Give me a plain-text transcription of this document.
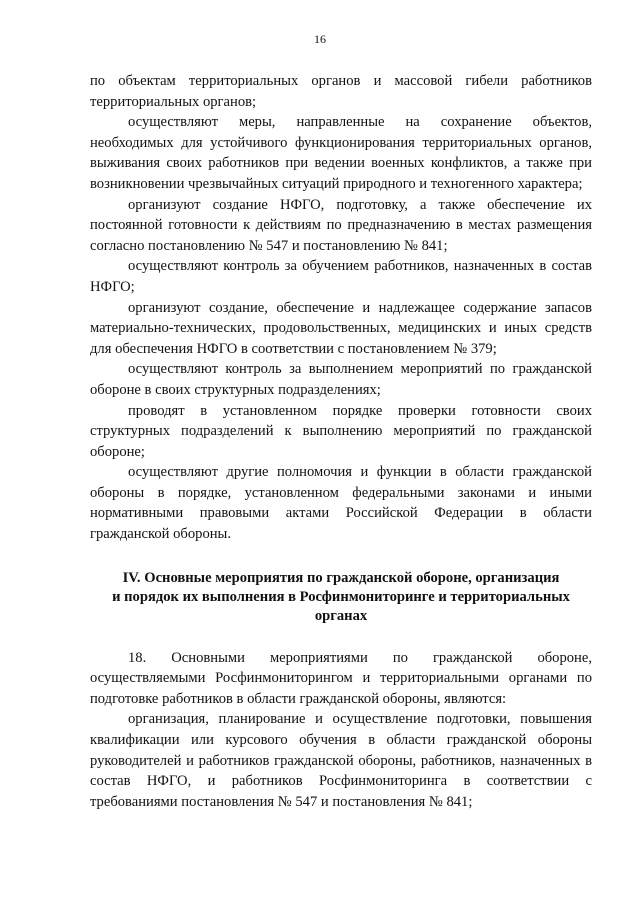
16

по объектам территориальных органов и массовой гибели работников территориальных органов;

осуществляют меры, направленные на сохранение объектов, необходимых для устойчивого функционирования территориальных органов, выживания своих работников при ведении военных конфликтов, а также при возникновении чрезвычайных ситуаций природного и техногенного характера;

организуют создание НФГО, подготовку, а также обеспечение их постоянной готовности к действиям по предназначению в местах размещения согласно постановлению № 547 и постановлению № 841;

осуществляют контроль за обучением работников, назначенных в состав НФГО;

организуют создание, обеспечение и надлежащее содержание запасов материально-технических, продовольственных, медицинских и иных средств для обеспечения НФГО в соответствии с постановлением № 379;

осуществляют контроль за выполнением мероприятий по гражданской обороне в своих структурных подразделениях;

проводят в установленном порядке проверки готовности своих структурных подразделений к выполнению мероприятий по гражданской обороне;

осуществляют другие полномочия и функции в области гражданской обороны в порядке, установленном федеральными законами и иными нормативными правовыми актами Российской Федерации в области гражданской обороны.

IV. Основные мероприятия по гражданской обороне, организация
и порядок их выполнения в Росфинмониторинге и территориальных
органах

18. Основными мероприятиями по гражданской обороне, осуществляемыми Росфинмониторингом и территориальными органами по подготовке работников в области гражданской обороны, являются:

организация, планирование и осуществление подготовки, повышения квалификации или курсового обучения в области гражданской обороны руководителей и работников гражданской обороны, работников, назначенных в состав НФГО, и работников Росфинмониторинга в соответствии с требованиями постановления № 547 и постановления № 841;
